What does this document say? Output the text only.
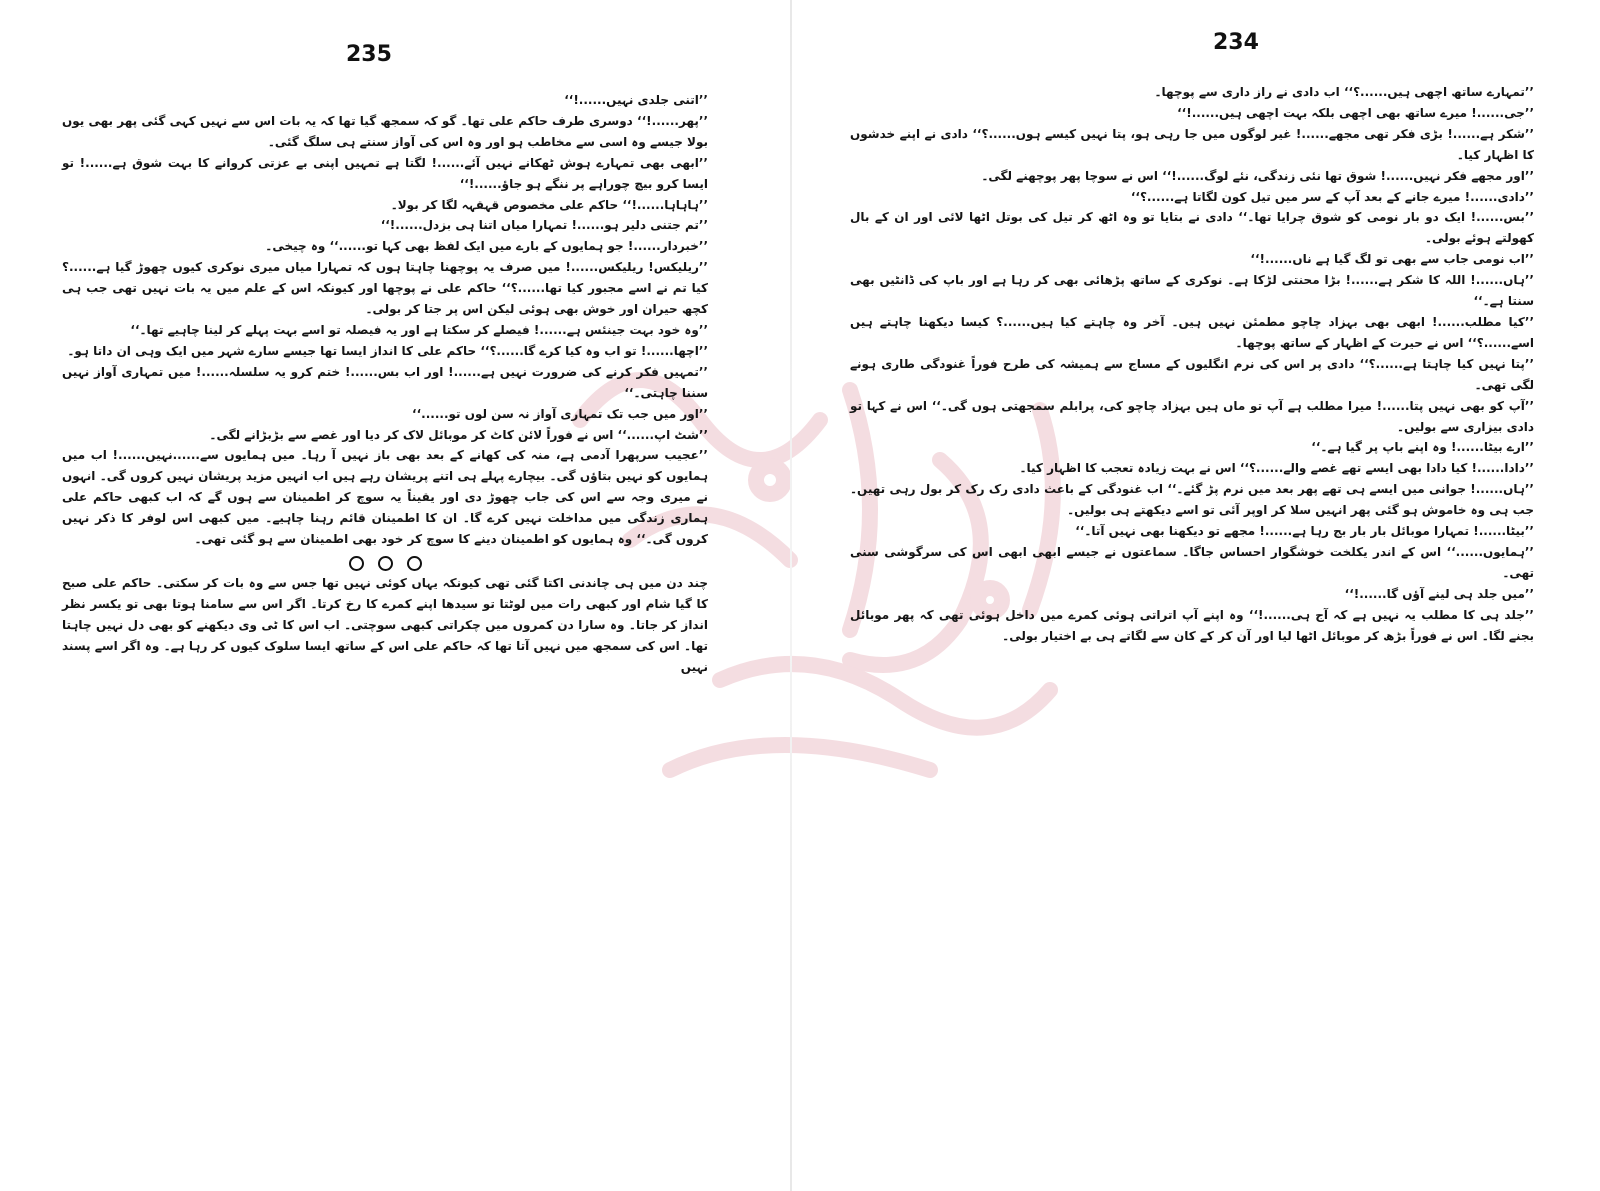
235

’’اتنی جلدی نہیں......!‘‘

’’پھر......!‘‘ دوسری طرف حاکم علی تھا۔ گو کہ سمجھ گیا تھا کہ یہ بات اس سے نہیں کہی گئی پھر بھی یوں بولا جیسے وہ اسی سے مخاطب ہو اور وہ اس کی آواز سنتے ہی سلگ گئی۔

’’ابھی بھی تمہارے ہوش ٹھکانے نہیں آئے......! لگتا ہے تمہیں اپنی بے عزتی کروانے کا بہت شوق ہے......! تو ایسا کرو بیچ چوراہے پر ننگے ہو جاؤ......!‘‘

’’ہاہاہا......!‘‘ حاکم علی مخصوص قہقہہ لگا کر بولا۔

’’تم جتنی دلیر ہو......! تمہارا میاں اتنا ہی بزدل......!‘‘

’’خبردار......! جو ہمایوں کے بارے میں ایک لفظ بھی کہا تو......‘‘ وہ چیخی۔

’’ریلیکس! ریلیکس......! میں صرف یہ پوچھنا چاہتا ہوں کہ تمہارا میاں میری نوکری کیوں چھوڑ گیا ہے......؟ کیا تم نے اسے مجبور کیا تھا......؟‘‘ حاکم علی نے پوچھا اور کیونکہ اس کے علم میں یہ بات نہیں تھی جب ہی کچھ حیران اور خوش بھی ہوئی لیکن اس پر جتا کر بولی۔

’’وہ خود بہت جینئس ہے......! فیصلے کر سکتا ہے اور یہ فیصلہ تو اسے بہت پہلے کر لینا چاہیے تھا۔‘‘

’’اچھا......! تو اب وہ کیا کرے گا......؟‘‘ حاکم علی کا انداز ایسا تھا جیسے سارے شہر میں ایک وہی ان داتا ہو۔

’’تمہیں فکر کرنے کی ضرورت نہیں ہے......! اور اب بس......! ختم کرو یہ سلسلہ......! میں تمہاری آواز نہیں سننا چاہتی۔‘‘

’’اور میں جب تک تمہاری آواز نہ سن لوں تو......‘‘

’’شٹ اپ......‘‘ اس نے فوراً لائن کاٹ کر موبائل لاک کر دیا اور غصے سے بڑبڑانے لگی۔

’’عجیب سرپھرا آدمی ہے، منہ کی کھانے کے بعد بھی باز نہیں آ رہا۔ میں ہمایوں سے......نہیں......! اب میں ہمایوں کو نہیں بتاؤں گی۔ بیچارے پہلے ہی اتنے پریشان رہے ہیں اب انہیں مزید پریشان نہیں کروں گی۔ انہوں نے میری وجہ سے اس کی جاب چھوڑ دی اور یقیناً یہ سوچ کر اطمینان سے ہوں گے کہ اب کبھی حاکم علی ہماری زندگی میں مداخلت نہیں کرے گا۔ ان کا اطمینان قائم رہنا چاہیے۔ میں کبھی اس لوفر کا ذکر نہیں کروں گی۔‘‘ وہ ہمایوں کو اطمینان دینے کا سوچ کر خود بھی اطمینان سے ہو گئی تھی۔

چند دن میں ہی چاندنی اکتا گئی تھی کیونکہ یہاں کوئی نہیں تھا جس سے وہ بات کر سکتی۔ حاکم علی صبح کا گیا شام اور کبھی رات میں لوٹتا تو سیدھا اپنے کمرے کا رخ کرتا۔ اگر اس سے سامنا ہوتا بھی تو یکسر نظر انداز کر جاتا۔ وہ سارا دن کمروں میں چکراتی کبھی سوچتی۔ اب اس کا ٹی وی دیکھنے کو بھی دل نہیں چاہتا تھا۔ اس کی سمجھ میں نہیں آتا تھا کہ حاکم علی اس کے ساتھ ایسا سلوک کیوں کر رہا ہے۔ وہ اگر اسے پسند نہیں

234

’’تمہارے ساتھ اچھی ہیں......؟‘‘ اب دادی نے راز داری سے پوچھا۔

’’جی......! میرے ساتھ بھی اچھی بلکہ بہت اچھی ہیں......!‘‘

’’شکر ہے......! بڑی فکر تھی مجھے......! غیر لوگوں میں جا رہی ہو، پتا نہیں کیسے ہوں......؟‘‘ دادی نے اپنے خدشوں کا اظہار کیا۔

’’اور مجھے فکر نہیں......! شوق تھا نئی زندگی، نئے لوگ......!‘‘ اس نے سوچا پھر پوچھنے لگی۔

’’دادی......! میرے جانے کے بعد آپ کے سر میں تیل کون لگاتا ہے......؟‘‘

’’بس......! ایک دو بار نومی کو شوق چرایا تھا۔‘‘ دادی نے بتایا تو وہ اٹھ کر تیل کی بوتل اٹھا لائی اور ان کے بال کھولتے ہوئے بولی۔

’’اب نومی جاب سے بھی تو لگ گیا ہے ناں......!‘‘

’’ہاں......! اللہ کا شکر ہے......! بڑا محنتی لڑکا ہے۔ نوکری کے ساتھ پڑھائی بھی کر رہا ہے اور باپ کی ڈانٹیں بھی سنتا ہے۔‘‘

’’کیا مطلب......! ابھی بھی بہزاد چاچو مطمئن نہیں ہیں۔ آخر وہ چاہتے کیا ہیں......؟ کیسا دیکھنا چاہتے ہیں اسے......؟‘‘ اس نے حیرت کے اظہار کے ساتھ پوچھا۔

’’پتا نہیں کیا چاہتا ہے......؟‘‘ دادی پر اس کی نرم انگلیوں کے مساج سے ہمیشہ کی طرح فوراً غنودگی طاری ہونے لگی تھی۔

’’آپ کو بھی نہیں پتا......! میرا مطلب ہے آپ تو ماں ہیں بہزاد چاچو کی، پرابلم سمجھتی ہوں گی۔‘‘ اس نے کہا تو دادی بیزاری سے بولیں۔

’’ارے بیٹا......! وہ اپنے باپ پر گیا ہے۔‘‘

’’دادا......! کیا دادا بھی ایسے تھے غصے والے......؟‘‘ اس نے بہت زیادہ تعجب کا اظہار کیا۔

’’ہاں......! جوانی میں ایسے ہی تھے پھر بعد میں نرم پڑ گئے۔‘‘ اب غنودگی کے باعث دادی رک رک کر بول رہی تھیں۔ جب ہی وہ خاموش ہو گئی پھر انہیں سلا کر اوپر آئی تو اسے دیکھتے ہی بولیں۔

’’بیٹا......! تمہارا موبائل بار بار بج رہا ہے......! مجھے تو دیکھنا بھی نہیں آتا۔‘‘

’’ہمایوں......‘‘ اس کے اندر یکلخت خوشگوار احساس جاگا۔ سماعتوں نے جیسے ابھی ابھی اس کی سرگوشی سنی تھی۔

’’میں جلد ہی لینے آؤں گا......!‘‘

’’جلد ہی کا مطلب یہ نہیں ہے کہ آج ہی......!‘‘ وہ اپنے آپ اتراتی ہوئی کمرے میں داخل ہوئی تھی کہ پھر موبائل بجنے لگا۔ اس نے فوراً بڑھ کر موبائل اٹھا لیا اور آن کر کے کان سے لگاتے ہی بے اختیار بولی۔
